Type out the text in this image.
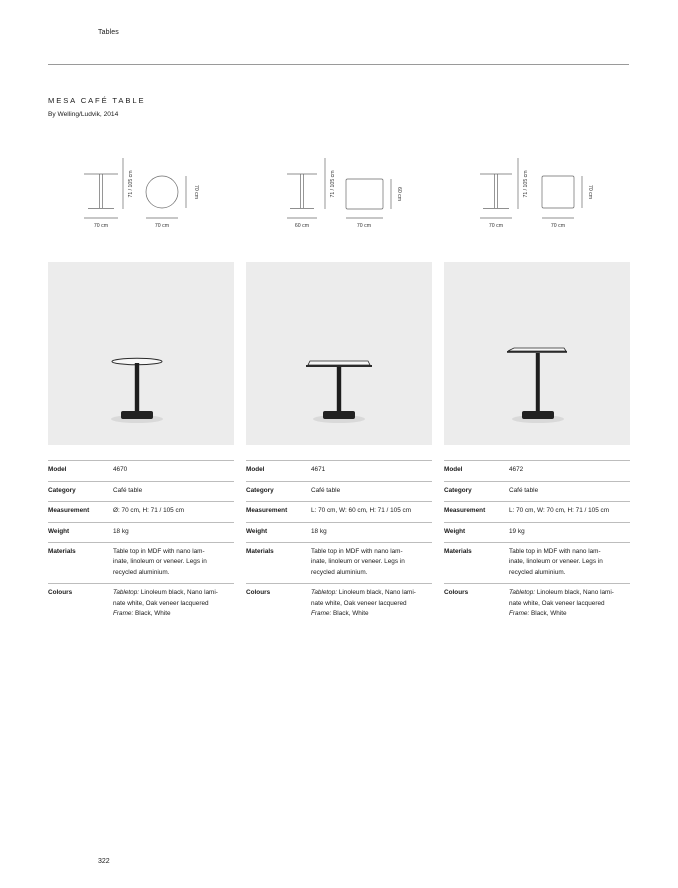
Tables
MESA CAFÉ TABLE
By Welling/Ludvik, 2014
71 / 105 cm	70 cm
70 cm	70 cm
71 / 105 cm	60 cm
60 cm	70 cm
71 / 105 cm	70 cm
70 cm	70 cm
Model	4670
Category	Café table
Measurement	Ø: 70 cm, H: 71 / 105 cm
Weight	18 kg
Materials	Table top in MDF with nano lam-
inate, linoleum or veneer. Legs in
recycled aluminium.
Colours	Tabletop: Linoleum black, Nano lami-
nate white, Oak veneer lacquered
Frame: Black, White
Model	4671
Category	Café table
Measurement	L: 70 cm, W: 60 cm, H: 71 / 105 cm
Weight	18 kg
Materials	Table top in MDF with nano lam-
inate, linoleum or veneer. Legs in
recycled aluminium.
Colours	Tabletop: Linoleum black, Nano lami-
nate white, Oak veneer lacquered
Frame: Black, White
Model	4672
Category	Café table
Measurement	L: 70 cm, W: 70 cm, H: 71 / 105 cm
Weight	19 kg
Materials	Table top in MDF with nano lam-
inate, linoleum or veneer. Legs in
recycled aluminium.
Colours	Tabletop: Linoleum black, Nano lami-
nate white, Oak veneer lacquered
Frame: Black, White
322
